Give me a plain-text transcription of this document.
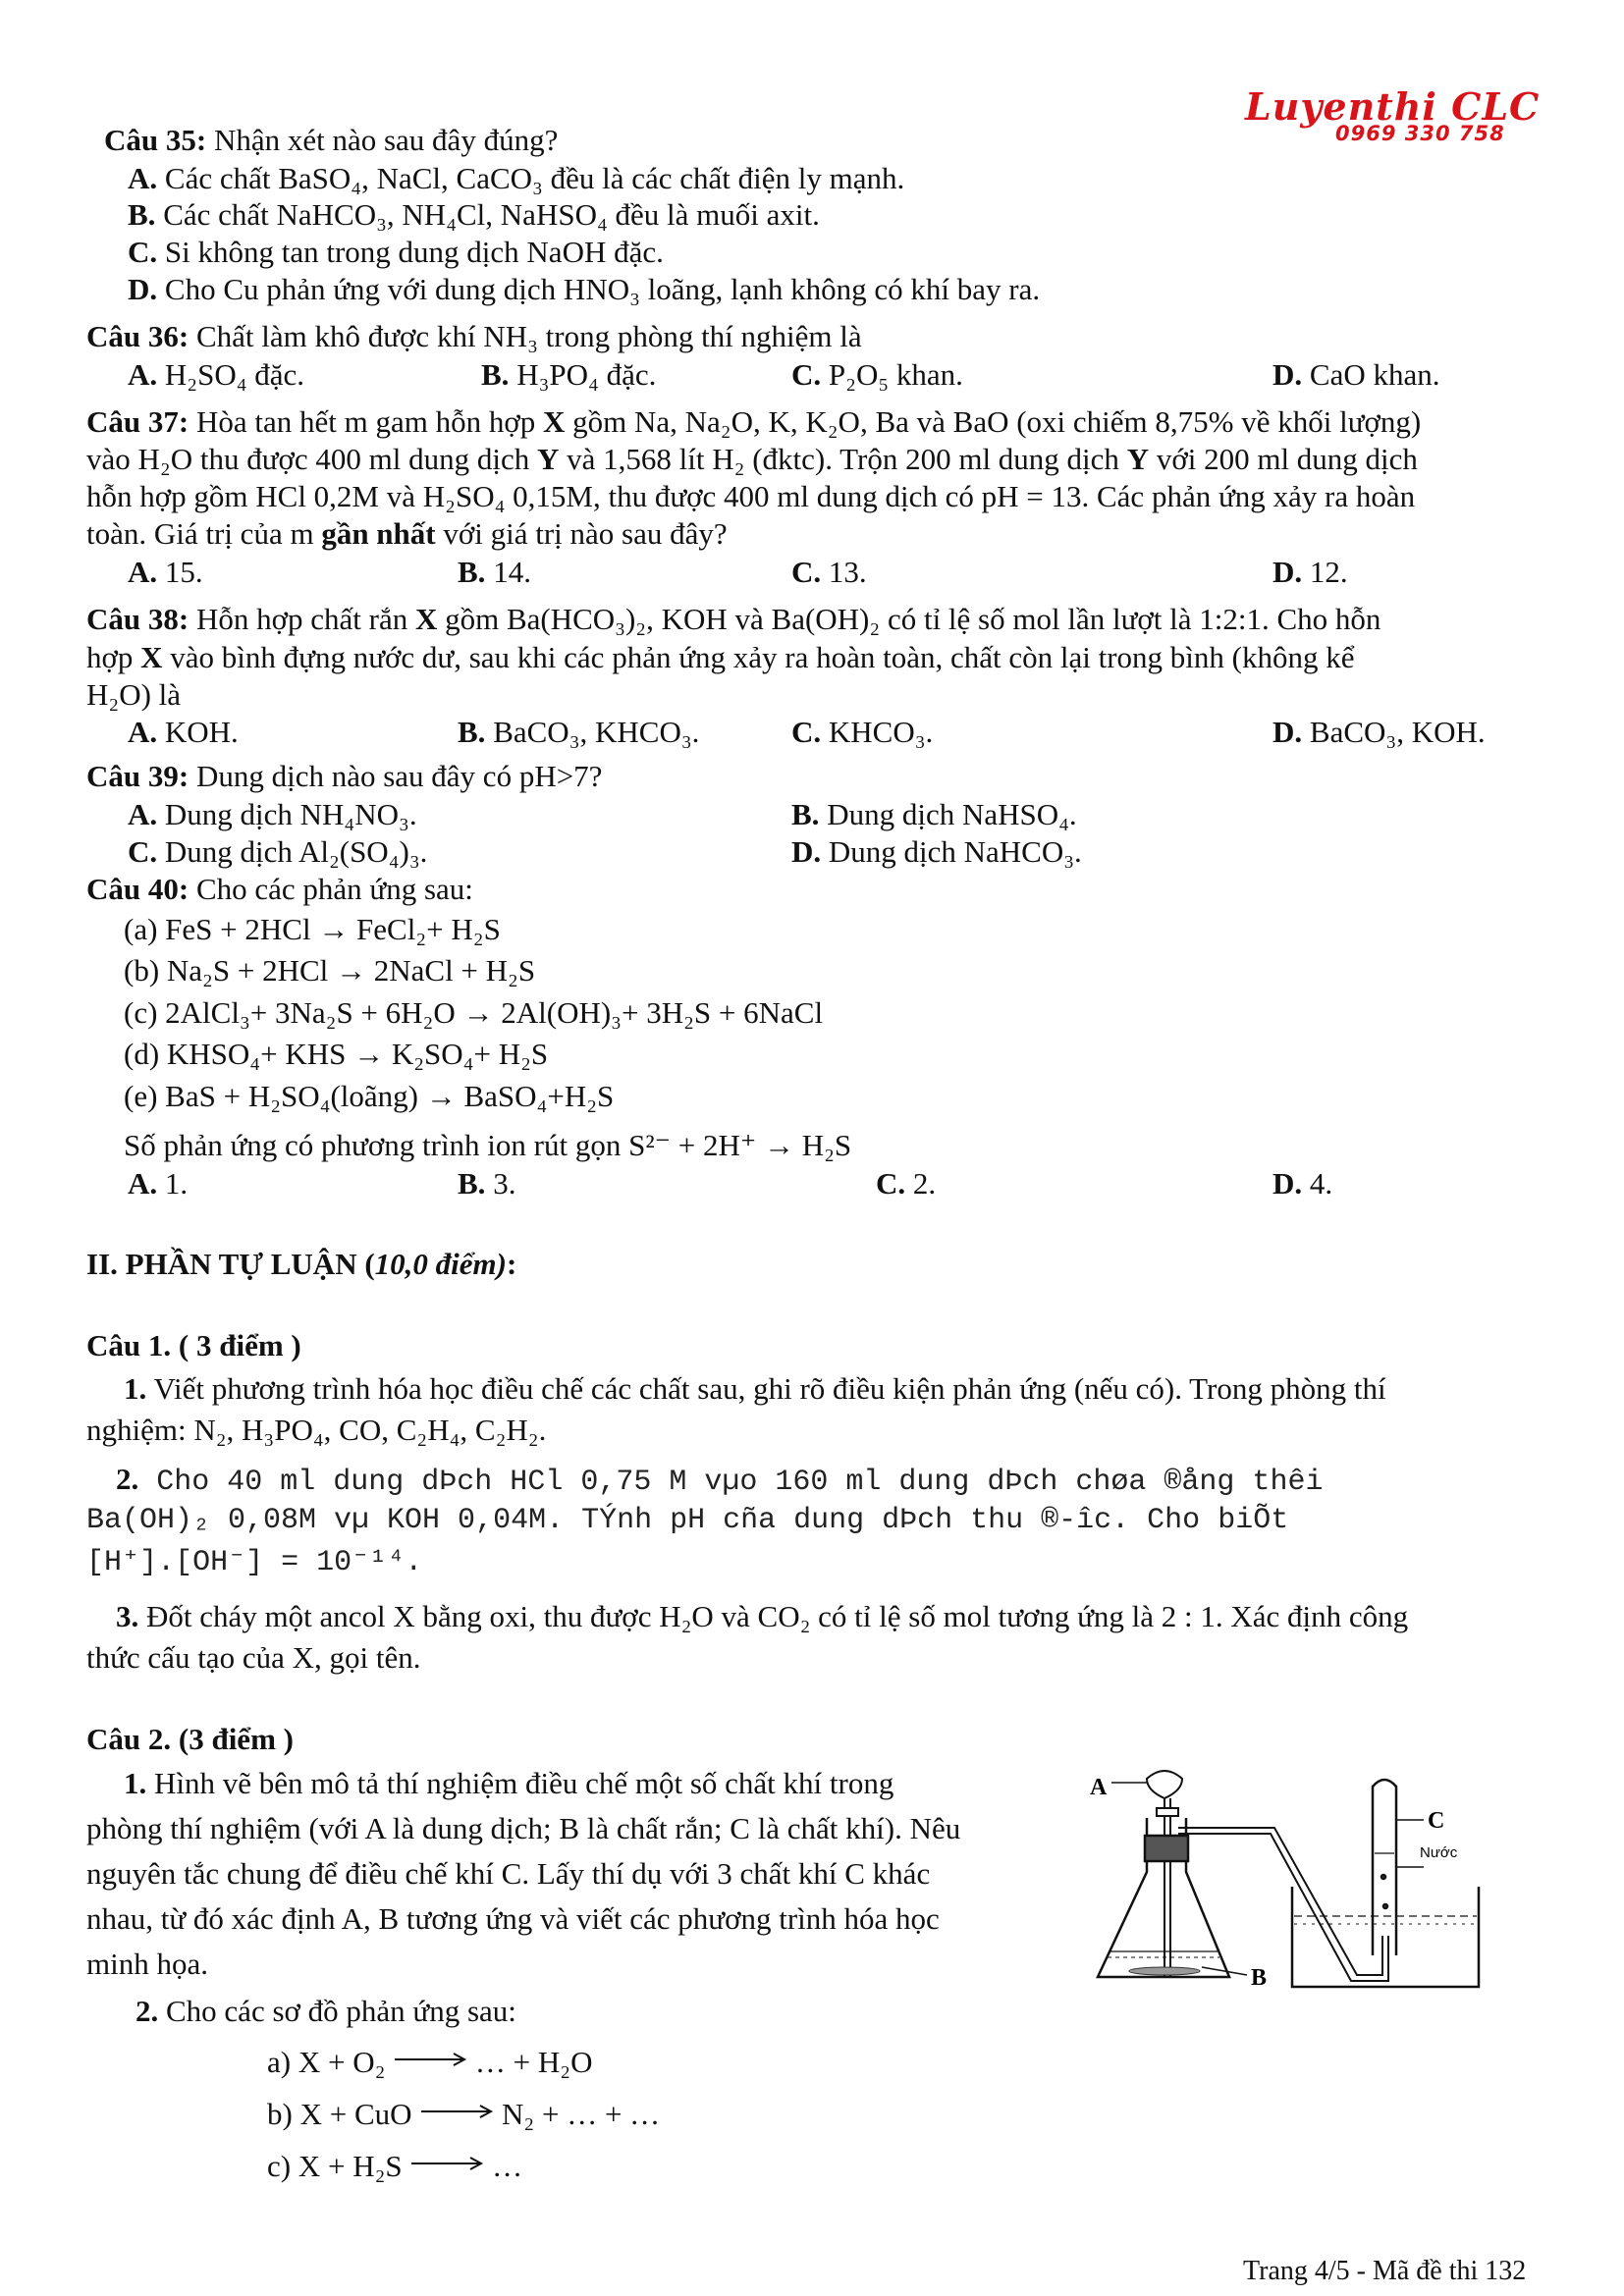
Luyenthi CLC
0969 330 758
Câu 35: Nhận xét nào sau đây đúng?
A. Các chất BaSO₄, NaCl, CaCO₃ đều là các chất điện ly mạnh.
B. Các chất NaHCO₃, NH₄Cl, NaHSO₄ đều là muối axit.
C. Si không tan trong dung dịch NaOH đặc.
D. Cho Cu phản ứng với dung dịch HNO₃ loãng, lạnh không có khí bay ra.
Câu 36: Chất làm khô được khí NH₃ trong phòng thí nghiệm là
A. H₂SO₄ đặc.	B. H₃PO₄ đặc.	C. P₂O₅ khan.	D. CaO khan.
Câu 37: Hòa tan hết m gam hỗn hợp X gồm Na, Na₂O, K, K₂O, Ba và BaO (oxi chiếm 8,75% về khối lượng)
vào H₂O thu được 400 ml dung dịch Y và 1,568 lít H₂ (đktc). Trộn 200 ml dung dịch Y với 200 ml dung dịch
hỗn hợp gồm HCl 0,2M và H₂SO₄ 0,15M, thu được 400 ml dung dịch có pH = 13. Các phản ứng xảy ra hoàn
toàn. Giá trị của m gần nhất với giá trị nào sau đây?
A. 15.	B. 14.	C. 13.	D. 12.
Câu 38: Hỗn hợp chất rắn X gồm Ba(HCO₃)₂, KOH và Ba(OH)₂ có tỉ lệ số mol lần lượt là 1:2:1. Cho hỗn
hợp X vào bình đựng nước dư, sau khi các phản ứng xảy ra hoàn toàn, chất còn lại trong bình (không kể
H₂O) là
A. KOH.	B. BaCO₃, KHCO₃.	C. KHCO₃.	D. BaCO₃, KOH.
Câu 39: Dung dịch nào sau đây có pH>7?
A. Dung dịch NH₄NO₃.	B. Dung dịch NaHSO₄.
C. Dung dịch Al₂(SO₄)₃.	D. Dung dịch NaHCO₃.
Câu 40: Cho các phản ứng sau:
(a) FeS + 2HCl → FeCl₂+ H₂S
(b) Na₂S + 2HCl → 2NaCl + H₂S
(c) 2AlCl₃+ 3Na₂S + 6H₂O → 2Al(OH)₃+ 3H₂S + 6NaCl
(d) KHSO₄+ KHS → K₂SO₄+ H₂S
(e) BaS + H₂SO₄(loãng) → BaSO₄+H₂S
Số phản ứng có phương trình ion rút gọn S²⁻ + 2H⁺ → H₂S
A. 1.	B. 3.	C. 2.	D. 4.
II. PHẦN TỰ LUẬN (10,0 điểm):
Câu 1. ( 3 điểm )
1. Viết phương trình hóa học điều chế các chất sau, ghi rõ điều kiện phản ứng (nếu có). Trong phòng thí
nghiệm: N₂, H₃PO₄, CO, C₂H₄, C₂H₂.
2. Cho 40 ml dung dÞch HCl 0,75 M vµo 160 ml dung dÞch chøa ®ång thêi
Ba(OH)₂ 0,08M vµ KOH 0,04M. TÝnh pH cña dung dÞch thu ®-îc. Cho biÕt
[H⁺].[OH⁻] = 10⁻¹⁴.
3. Đốt cháy một ancol X bằng oxi, thu được H₂O và CO₂ có tỉ lệ số mol tương ứng là 2 : 1. Xác định công
thức cấu tạo của X, gọi tên.
Câu 2. (3 điểm )
1. Hình vẽ bên mô tả thí nghiệm điều chế một số chất khí trong
phòng thí nghiệm (với A là dung dịch; B là chất rắn; C là chất khí). Nêu
nguyên tắc chung để điều chế khí C. Lấy thí dụ với 3 chất khí C khác
nhau, từ đó xác định A, B tương ứng và viết các phương trình hóa học
minh họa.
2. Cho các sơ đồ phản ứng sau:
a) X + O₂	… + H₂O
b) X + CuO	N₂ + … + …
c) X + H₂S	…
A
B
C
Nước
Trang 4/5 - Mã đề thi 132
